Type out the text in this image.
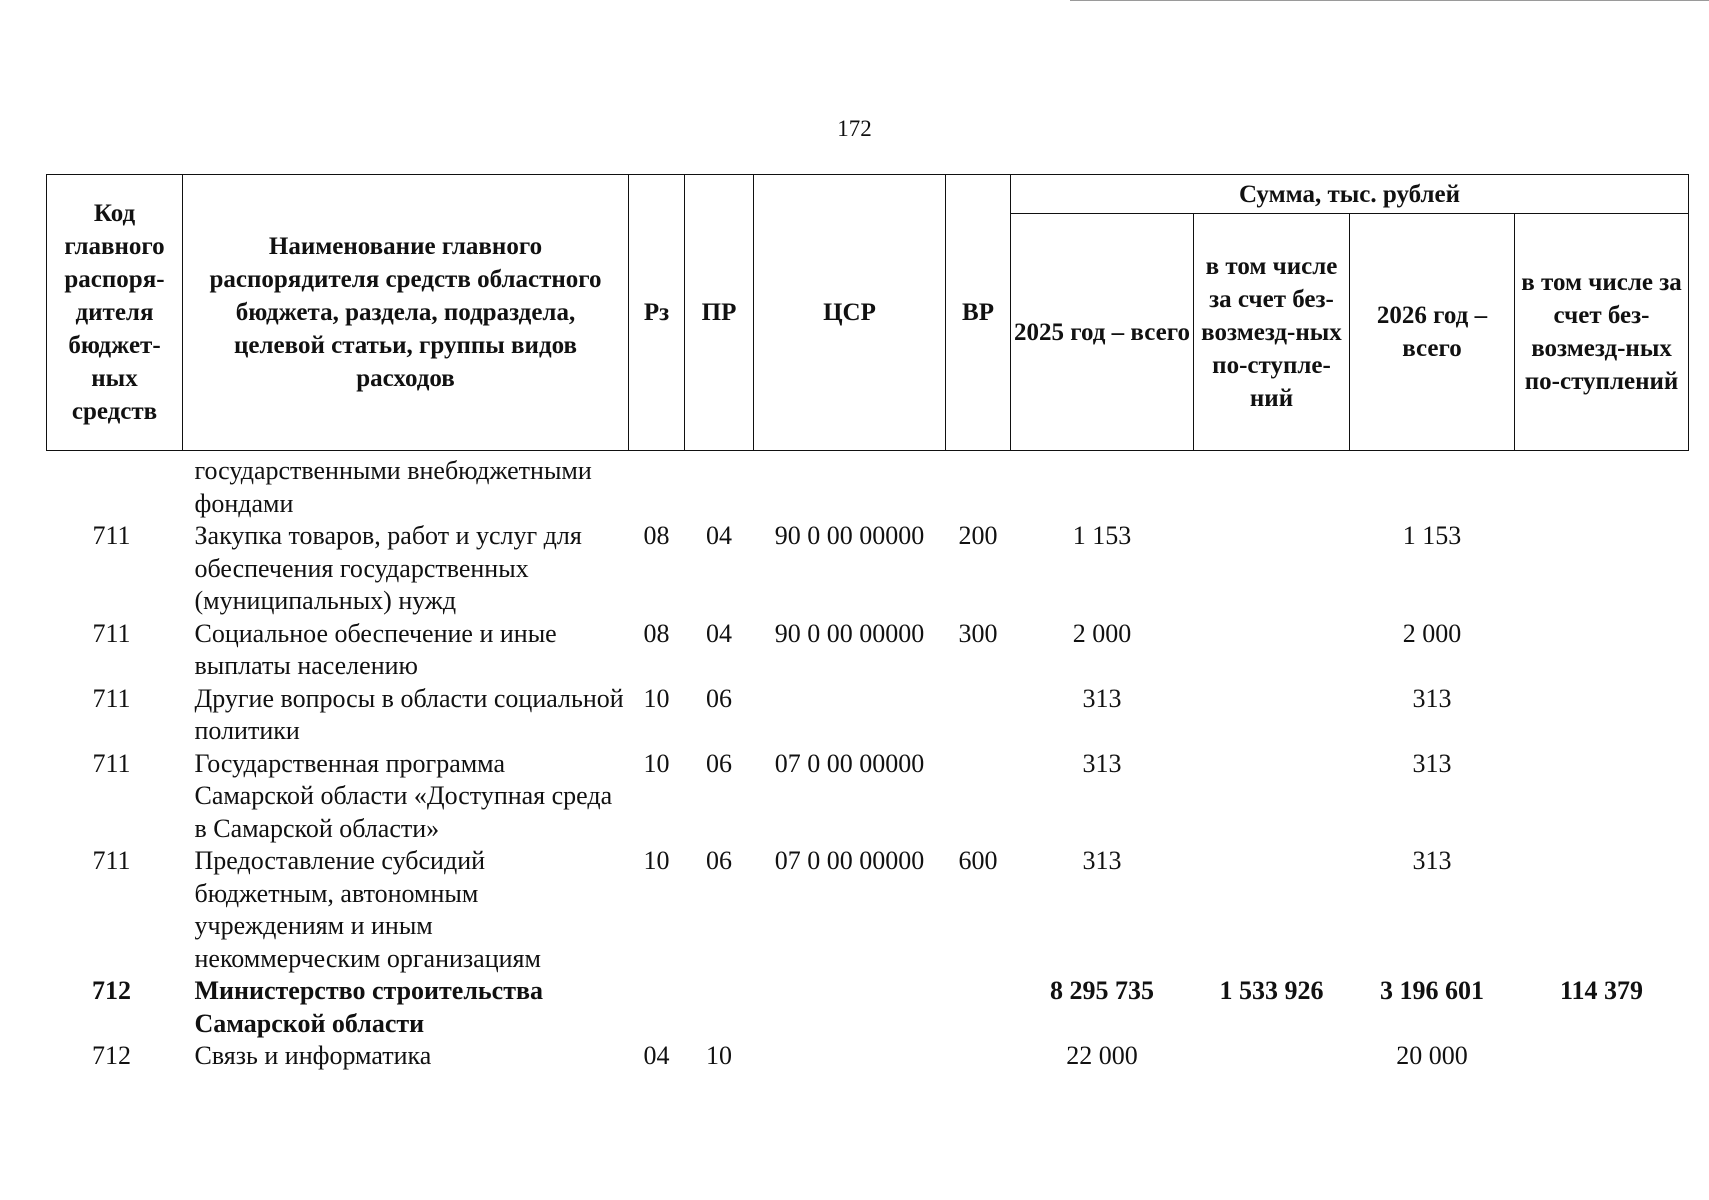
172
Код главного распоря-дителя бюджет-ных средств	Наименование главного распорядителя средств областного бюджета, раздела, подраздела, целевой статьи, группы видов расходов	Рз	ПР	ЦСР	ВР	Сумма, тыс. рублей			
						2025 год – всего	в том числе за счет без-возмезд-ных по-ступле-ний	2026 год – всего	в том числе за счет без-возмезд-ных по-ступлений
	государственными внебюджетными фондами								
711	Закупка товаров, работ и услуг для обеспечения государственных (муниципальных) нужд	08	04	90 0 00 00000	200	1 153		1 153	
711	Социальное обеспечение и иные выплаты населению	08	04	90 0 00 00000	300	2 000		2 000	
711	Другие вопросы в области социальной политики	10	06			313		313	
711	Государственная программа Самарской области «Доступная среда в Самарской области»	10	06	07 0 00 00000		313		313	
711	Предоставление субсидий бюджетным, автономным учреждениям и иным некоммерческим организациям	10	06	07 0 00 00000	600	313		313	
712	Министерство строительства Самарской области					8 295 735	1 533 926	3 196 601	114 379
712	Связь и информатика	04	10			22 000		20 000	
